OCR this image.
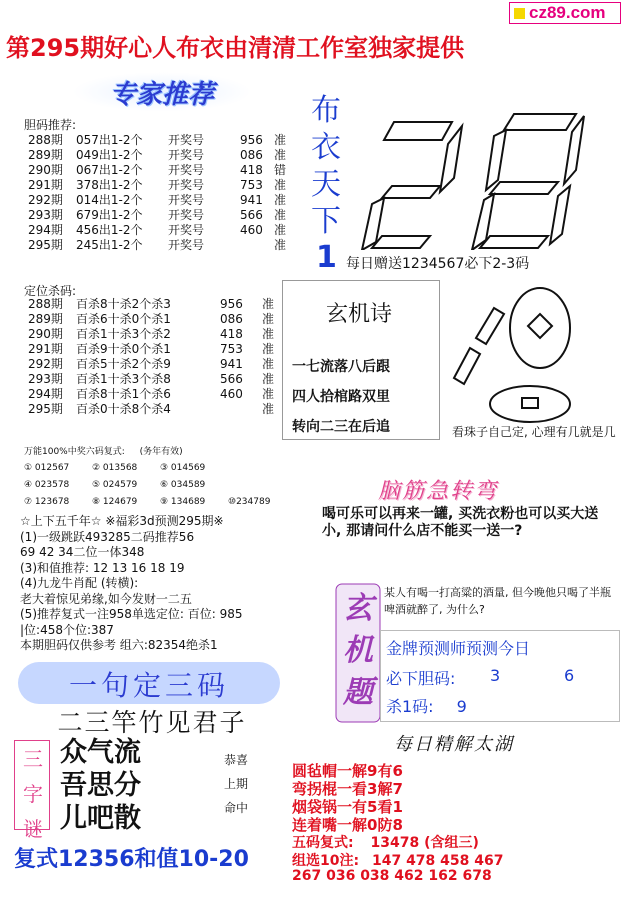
cz89.com
第295期好心人布衣由清清工作室独家提供
专家推荐
胆码推荐:
288期 057出1-2个 开奖号	956 准
289期 049出1-2个 开奖号	086 准
290期 067出1-2个 开奖号	418 错
291期 378出1-2个 开奖号	753 准
292期 014出1-2个 开奖号	941 准
293期 679出1-2个 开奖号	566 准
294期 456出1-2个 开奖号	460 准
295期 245出1-2个 开奖号	准
定位杀码:
288期 百杀8十杀2个杀3	956 准
289期 百杀6十杀0个杀1	086 准
290期 百杀1十杀3个杀2	418 准
291期 百杀9十杀0个杀1	753 准
292期 百杀5十杀2个杀9	941 准
293期 百杀1十杀3个杀8	566 准
294期 百杀8十杀1个杀6	460 准
295期 百杀0十杀8个杀4	准
万能100%中奖六码复式: (务年有效)
① 012567	② 013568	③ 014569
④ 023578	⑤ 024579	⑥ 034589
⑦ 123678	⑧ 124679	⑨ 134689	⑩234789
☆上下五千年☆ ※福彩3d预测295期※
(1)一级跳跃493285二码推荐56
69 42 34二位一体348
(3)和值推荐: 12 13 16 18 19
(4)九龙牛肖配 (转横):
老大着惊见弟缘,如今发财一二五
(5)推荐复式一注958单选定位: 百位: 985
|位:458个位:387
本期胆码仅供参考 组六:82354绝杀1
布
衣
天
下
1 每日赠送1234567必下2-3码
玄机诗
一七流落八后跟
四人拾棺路双里
转向二三在后追	看珠子自己定, 心理有几就是几
脑筋急转弯
喝可乐可以再来一罐, 买洗衣粉也可以买大送小, 那请问什么店不能买一送一?
玄
机
题
某人有喝一打高粱的酒量, 但今晚他只喝了半瓶啤酒就醉了, 为什么?
金牌预测师预测今日
必下胆码: 3	6
杀1码: 9
每日精解太湖
圆毡帽一解9有6
弯拐棍一看3解7
烟袋锅一有5看1
连着嘴一解0防8
五码复式: 13478 (含组三)
组选10注: 147 478 458 467
267 036 038 462 162 678
一句定三码
二三竿竹见君子
三
字
谜
众气流
吾思分
儿吧散
恭喜
上期
命中
复式12356和值10-20
